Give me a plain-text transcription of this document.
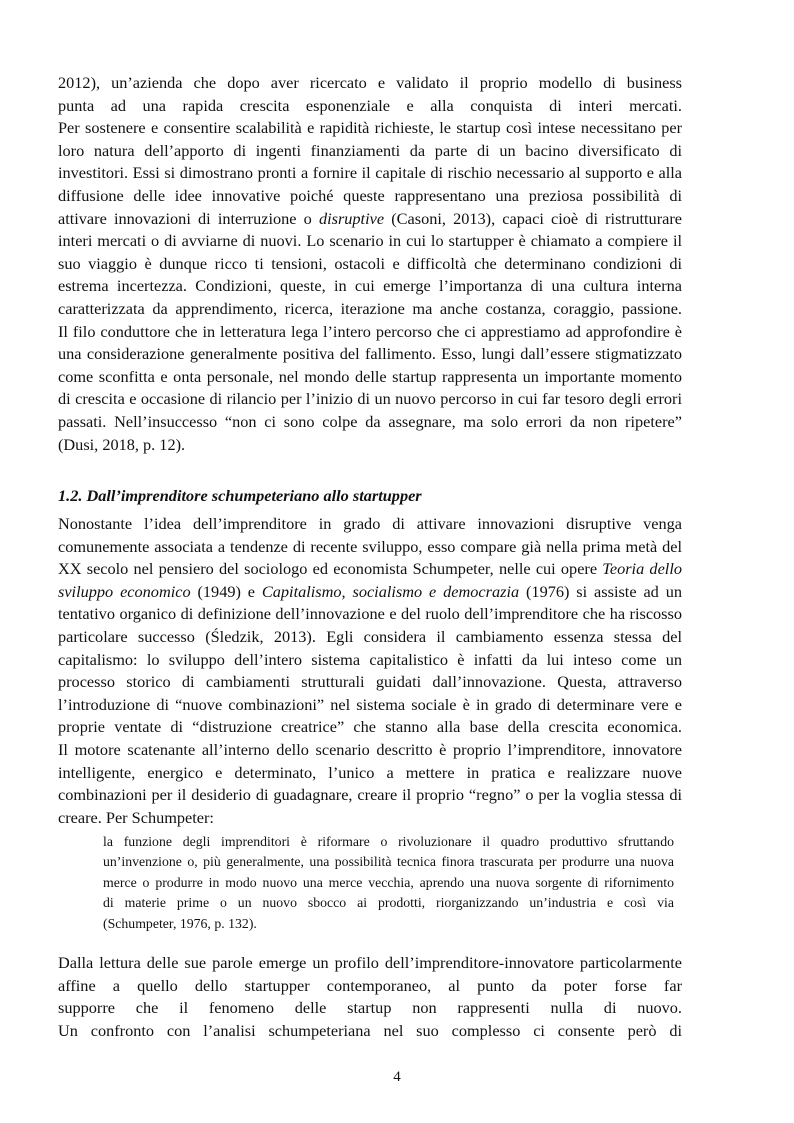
2012), un’azienda che dopo aver ricercato e validato il proprio modello di business
punta ad una rapida crescita esponenziale e alla conquista di interi mercati.
Per sostenere e consentire scalabilità e rapidità richieste, le startup così intese necessitano per
loro natura dell’apporto di ingenti finanziamenti da parte di un bacino diversificato di
investitori. Essi si dimostrano pronti a fornire il capitale di rischio necessario al supporto e alla
diffusione delle idee innovative poiché queste rappresentano una preziosa possibilità di
attivare innovazioni di interruzione o disruptive (Casoni, 2013), capaci cioè di ristrutturare
interi mercati o di avviarne di nuovi. Lo scenario in cui lo startupper è chiamato a compiere il
suo viaggio è dunque ricco ti tensioni, ostacoli e difficoltà che determinano condizioni di
estrema incertezza. Condizioni, queste, in cui emerge l’importanza di una cultura interna
caratterizzata da apprendimento, ricerca, iterazione ma anche costanza, coraggio, passione.
Il filo conduttore che in letteratura lega l’intero percorso che ci apprestiamo ad approfondire è
una considerazione generalmente positiva del fallimento. Esso, lungi dall’essere stigmatizzato
come sconfitta e onta personale, nel mondo delle startup rappresenta un importante momento
di crescita e occasione di rilancio per l’inizio di un nuovo percorso in cui far tesoro degli errori
passati. Nell’insuccesso “non ci sono colpe da assegnare, ma solo errori da non ripetere”
(Dusi, 2018, p. 12).
1.2. Dall’imprenditore schumpeteriano allo startupper
Nonostante l’idea dell’imprenditore in grado di attivare innovazioni disruptive venga
comunemente associata a tendenze di recente sviluppo, esso compare già nella prima metà del
XX secolo nel pensiero del sociologo ed economista Schumpeter, nelle cui opere Teoria dello
sviluppo economico (1949) e Capitalismo, socialismo e democrazia (1976) si assiste ad un
tentativo organico di definizione dell’innovazione e del ruolo dell’imprenditore che ha riscosso
particolare successo (Śledzik, 2013). Egli considera il cambiamento essenza stessa del
capitalismo: lo sviluppo dell’intero sistema capitalistico è infatti da lui inteso come un
processo storico di cambiamenti strutturali guidati dall’innovazione. Questa, attraverso
l’introduzione di “nuove combinazioni” nel sistema sociale è in grado di determinare vere e
proprie ventate di “distruzione creatrice” che stanno alla base della crescita economica.
Il motore scatenante all’interno dello scenario descritto è proprio l’imprenditore, innovatore
intelligente, energico e determinato, l’unico a mettere in pratica e realizzare nuove
combinazioni per il desiderio di guadagnare, creare il proprio “regno” o per la voglia stessa di
creare. Per Schumpeter:
la funzione degli imprenditori è riformare o rivoluzionare il quadro produttivo sfruttando
un’invenzione o, più generalmente, una possibilità tecnica finora trascurata per produrre una nuova
merce o produrre in modo nuovo una merce vecchia, aprendo una nuova sorgente di rifornimento
di materie prime o un nuovo sbocco ai prodotti, riorganizzando un’industria e così via
(Schumpeter, 1976, p. 132).
Dalla lettura delle sue parole emerge un profilo dell’imprenditore-innovatore particolarmente
affine a quello dello startupper contemporaneo, al punto da poter forse far
supporre che il fenomeno delle startup non rappresenti nulla di nuovo.
Un confronto con l’analisi schumpeteriana nel suo complesso ci consente però di
4
